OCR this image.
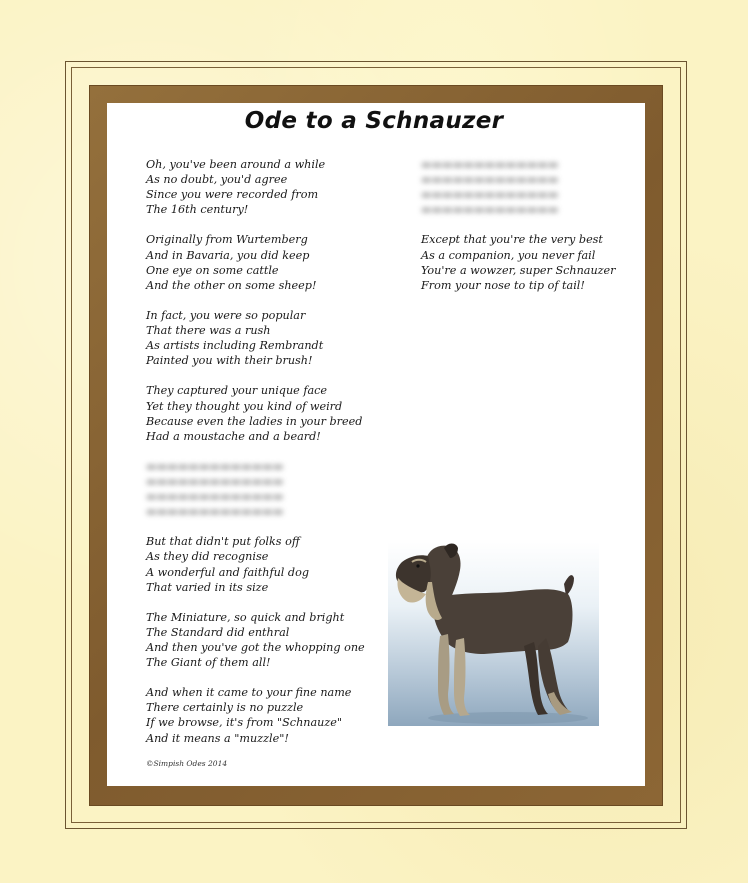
Ode to a Schnauzer

Oh, you've been around a while
As no doubt, you'd agree
Since you were recorded from
The 16th century!

Originally from Wurtemberg
And in Bavaria, you did keep
One eye on some cattle
And the other on some sheep!

In fact, you were so popular
That there was a rush
As artists including Rembrandt
Painted you with their brush!

They captured your unique face
Yet they thought you kind of weird
Because even the ladies in your breed
Had a moustache and a beard!

▬▬▬▬▬▬▬▬▬▬▬▬▬
▬▬▬▬▬▬▬▬▬▬▬▬▬
▬▬▬▬▬▬▬▬▬▬▬▬▬
▬▬▬▬▬▬▬▬▬▬▬▬▬

But that didn't put folks off
As they did recognise
A wonderful and faithful dog
That varied in its size

The Miniature, so quick and bright
The Standard did enthral
And then you've got the whopping one
The Giant of them all!

And when it came to your fine name
There certainly is no puzzle
If we browse, it's from "Schnauze"
And it means a "muzzle"!

▬▬▬▬▬▬▬▬▬▬▬▬▬
▬▬▬▬▬▬▬▬▬▬▬▬▬
▬▬▬▬▬▬▬▬▬▬▬▬▬
▬▬▬▬▬▬▬▬▬▬▬▬▬

Except that you're the very best
As a companion, you never fail
You're a wowzer, super Schnauzer
From your nose to tip of tail!

©Simpish Odes 2014
